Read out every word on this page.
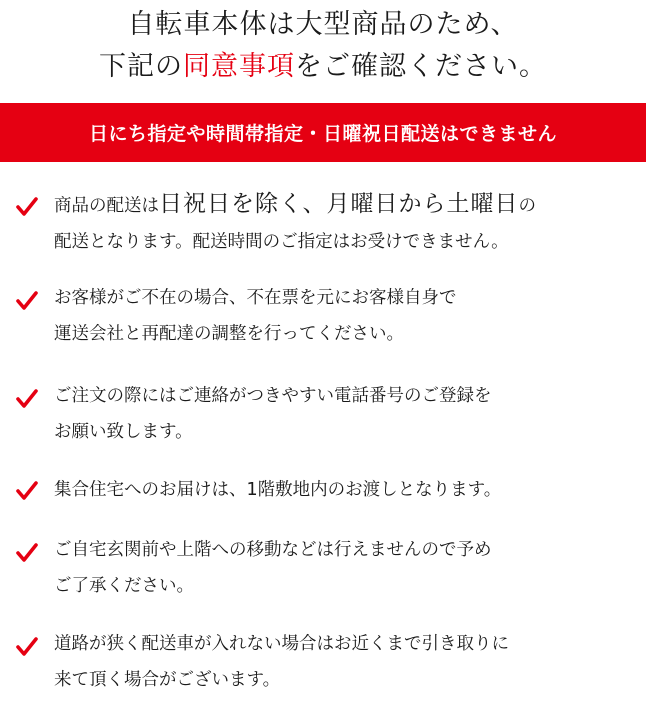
自転車本体は大型商品のため、
下記の同意事項をご確認ください。
日にち指定や時間帯指定・日曜祝日配送はできません
商品の配送は日祝日を除く、月曜日から土曜日の
配送となります。配送時間のご指定はお受けできません。
お客様がご不在の場合、不在票を元にお客様自身で
運送会社と再配達の調整を行ってください。
ご注文の際にはご連絡がつきやすい電話番号のご登録を
お願い致します。
集合住宅へのお届けは、1階敷地内のお渡しとなります。
ご自宅玄関前や上階への移動などは行えませんので予め
ご了承ください。
道路が狭く配送車が入れない場合はお近くまで引き取りに
来て頂く場合がございます。
